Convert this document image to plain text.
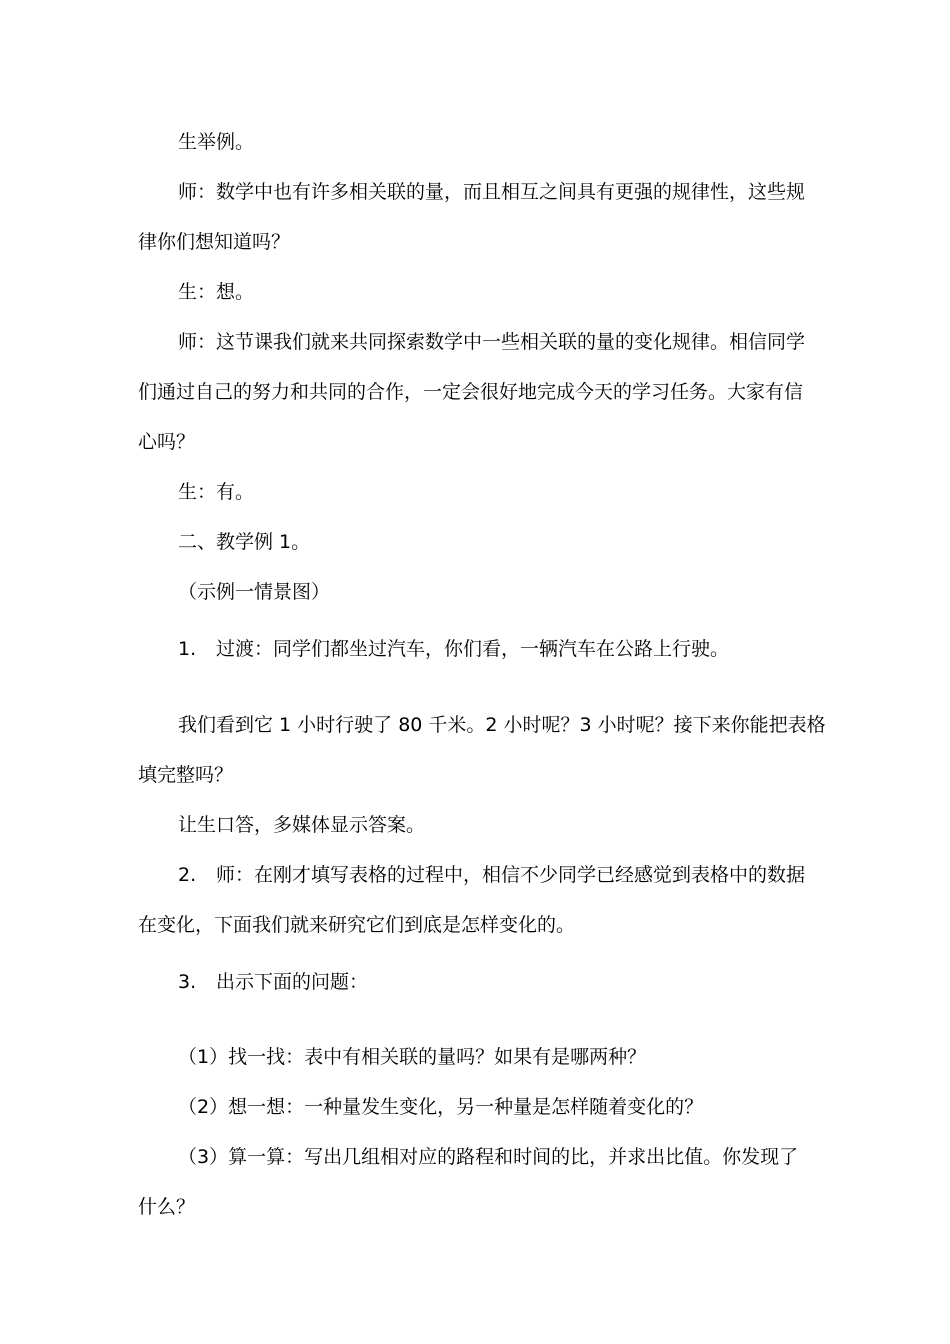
生举例。

师：数学中也有许多相关联的量，而且相互之间具有更强的规律性，这些规

律你们想知道吗？

生：想。

师：这节课我们就来共同探索数学中一些相关联的量的变化规律。相信同学

们通过自己的努力和共同的合作，一定会很好地完成今天的学习任务。大家有信

心吗？

生：有。

二、教学例 1。

（示例一情景图）

1. 过渡：同学们都坐过汽车，你们看，一辆汽车在公路上行驶。

我们看到它 1 小时行驶了 80 千米。2 小时呢？3 小时呢？接下来你能把表格

填完整吗？

让生口答，多媒体显示答案。

2. 师：在刚才填写表格的过程中，相信不少同学已经感觉到表格中的数据

在变化，下面我们就来研究它们到底是怎样变化的。

3. 出示下面的问题：

（1）找一找：表中有相关联的量吗？如果有是哪两种？

（2）想一想：一种量发生变化，另一种量是怎样随着变化的？

（3）算一算：写出几组相对应的路程和时间的比，并求出比值。你发现了

什么？
